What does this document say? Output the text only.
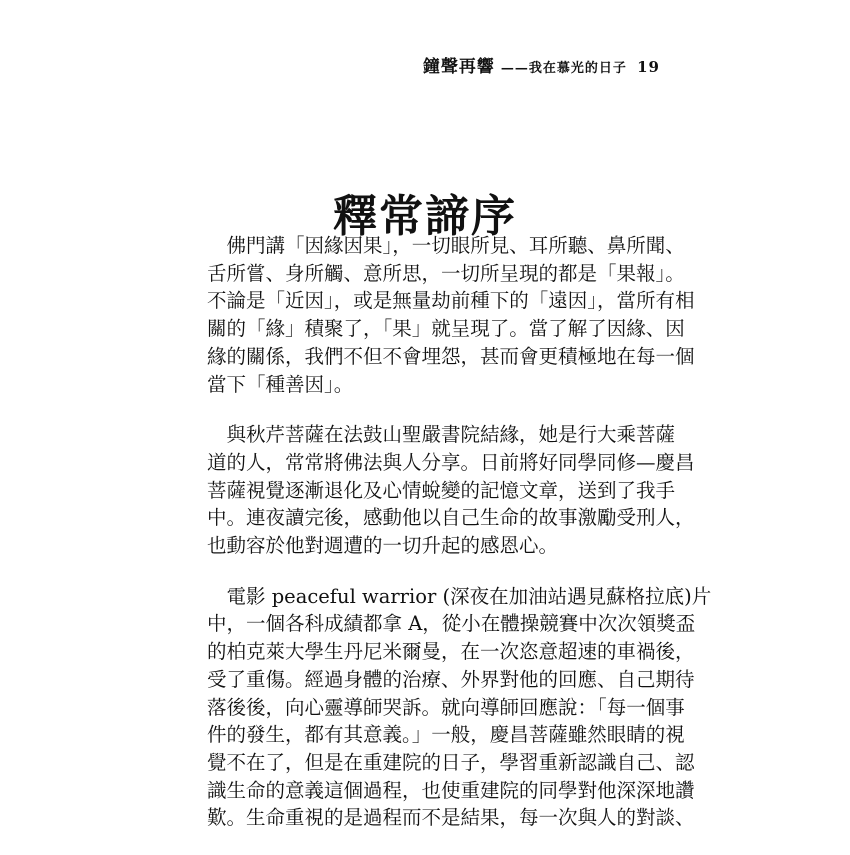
鐘聲再響 ——我在慕光的日子 19
釋常諦序
　佛門講「因緣因果」，一切眼所見、耳所聽、鼻所聞、
舌所嘗、身所觸、意所思，一切所呈現的都是「果報」。
不論是「近因」，或是無量劫前種下的「遠因」，當所有相
關的「緣」積聚了，「果」就呈現了。當了解了因緣、因
緣的關係，我們不但不會埋怨，甚而會更積極地在每一個
當下「種善因」。
　與秋芹菩薩在法鼓山聖嚴書院結緣，她是行大乘菩薩
道的人，常常將佛法與人分享。日前將好同學同修—慶昌
菩薩視覺逐漸退化及心情蛻變的記憶文章，送到了我手
中。連夜讀完後，感動他以自己生命的故事激勵受刑人，
也動容於他對週遭的一切升起的感恩心。
　電影 peaceful warrior (深夜在加油站遇見蘇格拉底)片
中，一個各科成績都拿 A，從小在體操競賽中次次領獎盃
的柏克萊大學生丹尼米爾曼，在一次恣意超速的車禍後，
受了重傷。經過身體的治療、外界對他的回應、自己期待
落後後，向心靈導師哭訴。就向導師回應說：「每一個事
件的發生，都有其意義。」一般，慶昌菩薩雖然眼睛的視
覺不在了，但是在重建院的日子，學習重新認識自己、認
識生命的意義這個過程，也使重建院的同學對他深深地讚
歎。生命重視的是過程而不是結果，每一次與人的對談、
